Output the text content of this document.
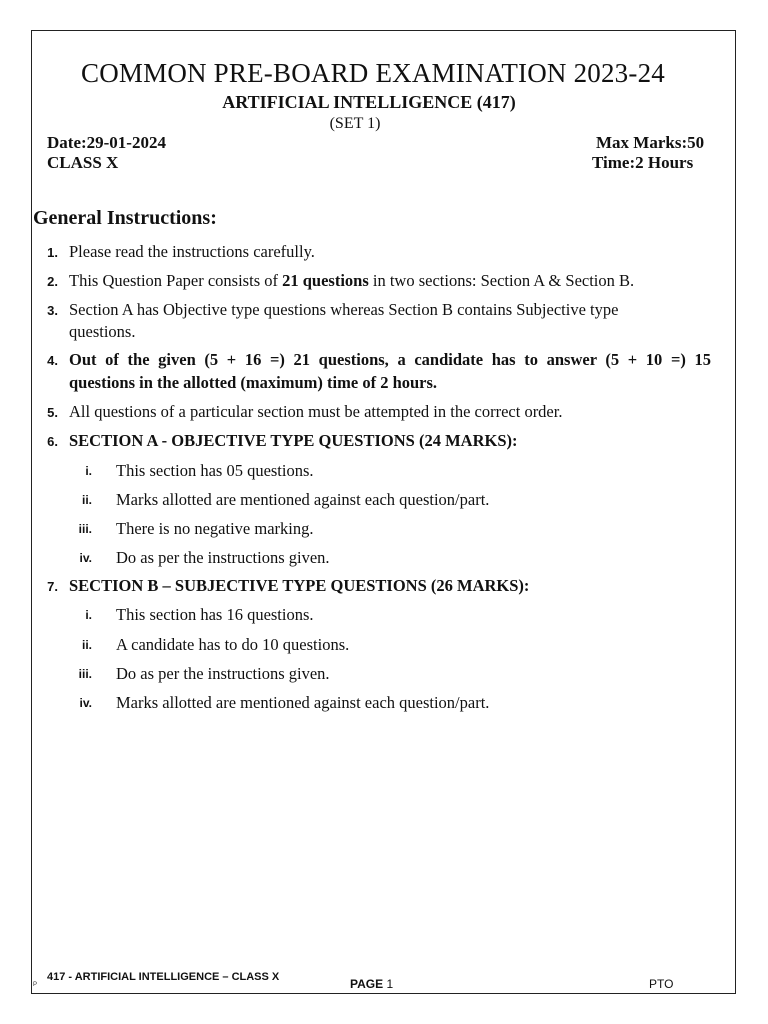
COMMON PRE-BOARD EXAMINATION 2023-24
ARTIFICIAL INTELLIGENCE (417)
(SET 1)
Date:29-01-2024	Max Marks:50
CLASS X	Time:2 Hours
General Instructions:
1. Please read the instructions carefully.
2. This Question Paper consists of 21 questions in two sections: Section A & Section B.
3. Section A has Objective type questions whereas Section B contains Subjective type questions.
4. Out of the given (5 + 16 =) 21 questions, a candidate has to answer (5 + 10 =) 15
questions in the allotted (maximum) time of 2 hours.
5. All questions of a particular section must be attempted in the correct order.
6. SECTION A - OBJECTIVE TYPE QUESTIONS (24 MARKS):
i. This section has 05 questions.
ii. Marks allotted are mentioned against each question/part.
iii. There is no negative marking.
iv. Do as per the instructions given.
7. SECTION B – SUBJECTIVE TYPE QUESTIONS (26 MARKS):
i. This section has 16 questions.
ii. A candidate has to do 10 questions.
iii. Do as per the instructions given.
iv. Marks allotted are mentioned against each question/part.
417 - ARTIFICIAL INTELLIGENCE – CLASS X
P	PAGE 1	PTO
